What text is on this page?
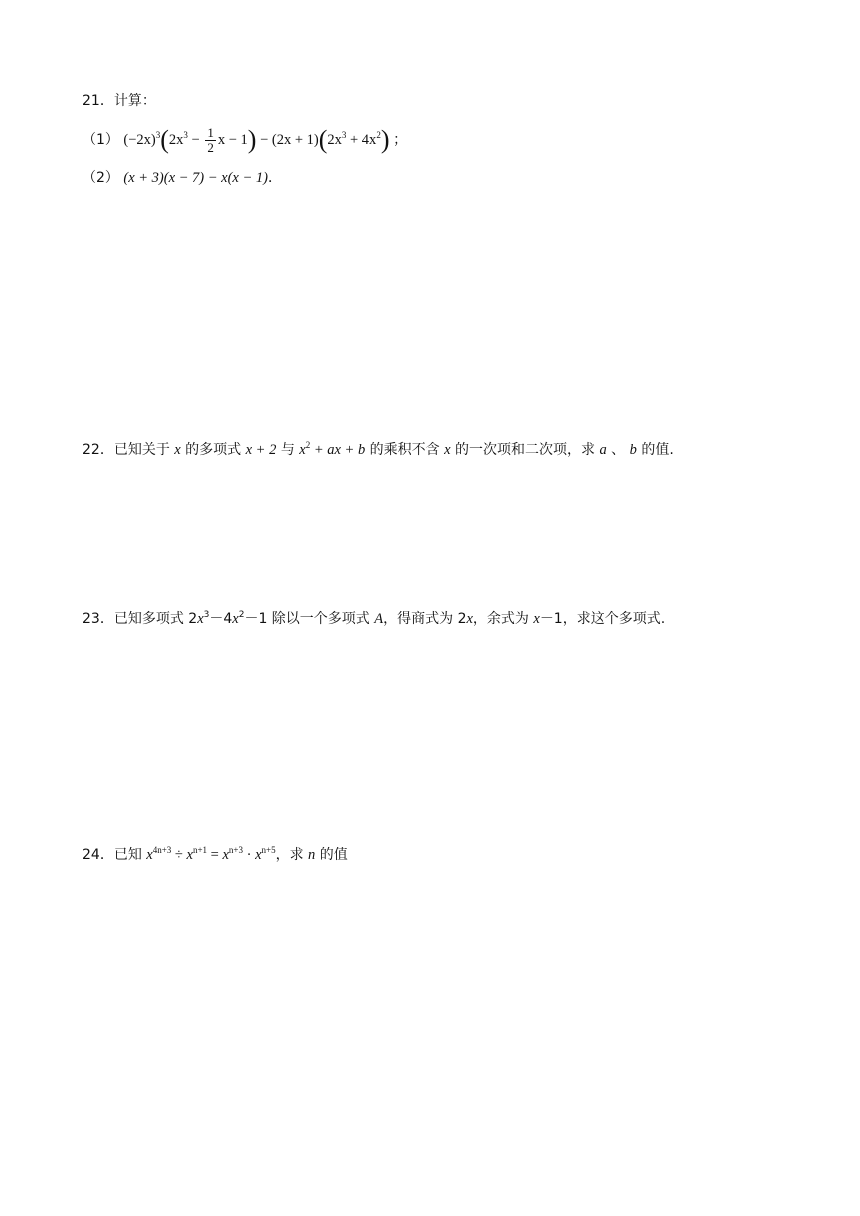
21．计算：
（1） $(-2x)^3(2x^3 - \frac{1}{2}$ $x - 1) - (2x + 1)(2x^3 + 4x^2)$ ；
（2） (x + 3)(x − 7) − x(x − 1)．
22．已知关于 x 的多项式 x + 2 与 $x^2$ + ax + b 的乘积不含 x 的一次项和二次项，求 a 、 b 的值.
23．已知多项式 $2x^3-4x^2-1$ 除以一个多项式 A，得商式为 2x，余式为 x－1，求这个多项式.
24．已知 $x^{4n+3} \div x^{n+1} = x^{n+3} \cdot x^{n+5}$，求 n 的值
